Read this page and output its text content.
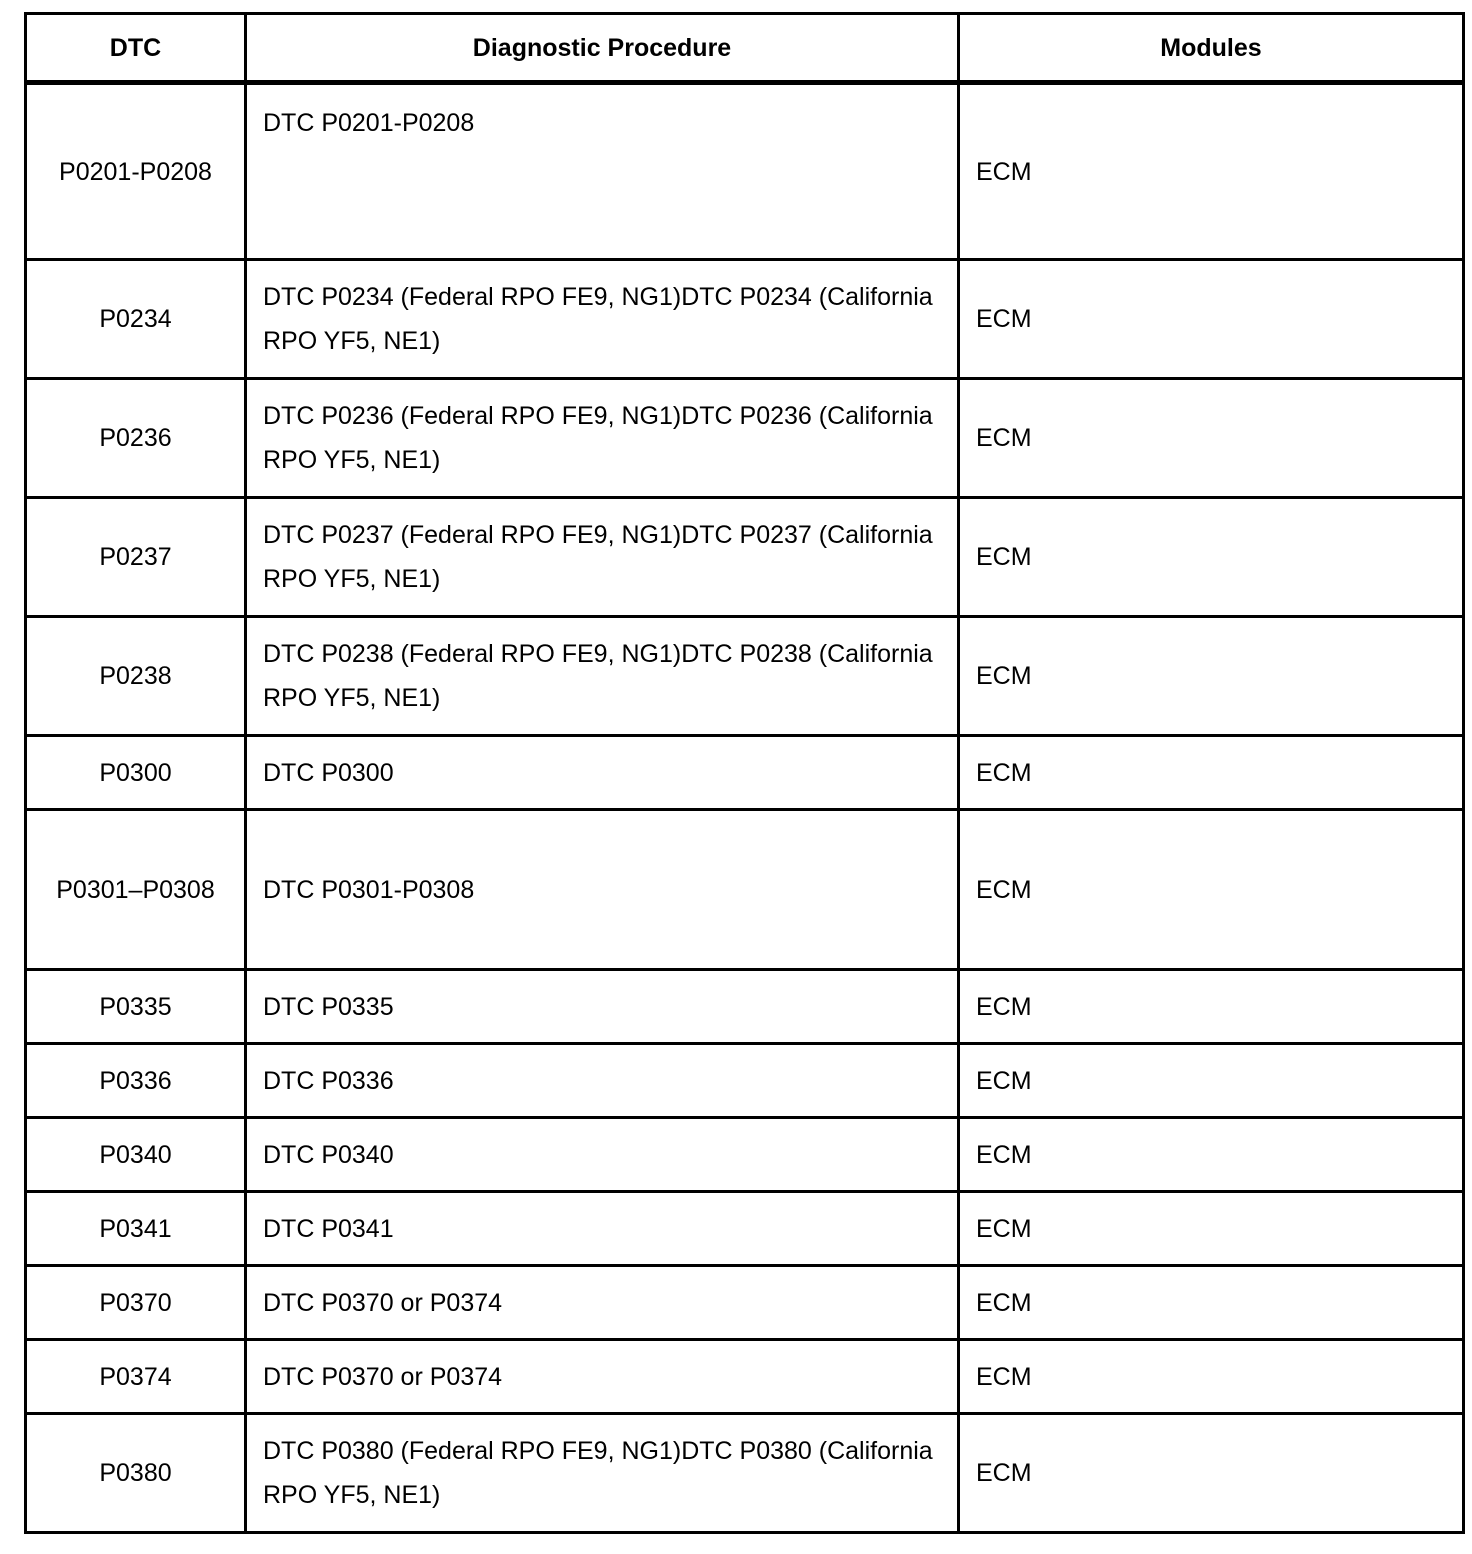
DTC	Diagnostic Procedure	Modules
P0201-P0208	DTC P0201-P0208	ECM
P0234	DTC P0234 (Federal RPO FE9, NG1)DTC P0234 (California RPO YF5, NE1)	ECM
P0236	DTC P0236 (Federal RPO FE9, NG1)DTC P0236 (California RPO YF5, NE1)	ECM
P0237	DTC P0237 (Federal RPO FE9, NG1)DTC P0237 (California RPO YF5, NE1)	ECM
P0238	DTC P0238 (Federal RPO FE9, NG1)DTC P0238 (California RPO YF5, NE1)	ECM
P0300	DTC P0300	ECM
P0301–P0308	DTC P0301-P0308	ECM
P0335	DTC P0335	ECM
P0336	DTC P0336	ECM
P0340	DTC P0340	ECM
P0341	DTC P0341	ECM
P0370	DTC P0370 or P0374	ECM
P0374	DTC P0370 or P0374	ECM
P0380	DTC P0380 (Federal RPO FE9, NG1)DTC P0380 (California RPO YF5, NE1)	ECM
